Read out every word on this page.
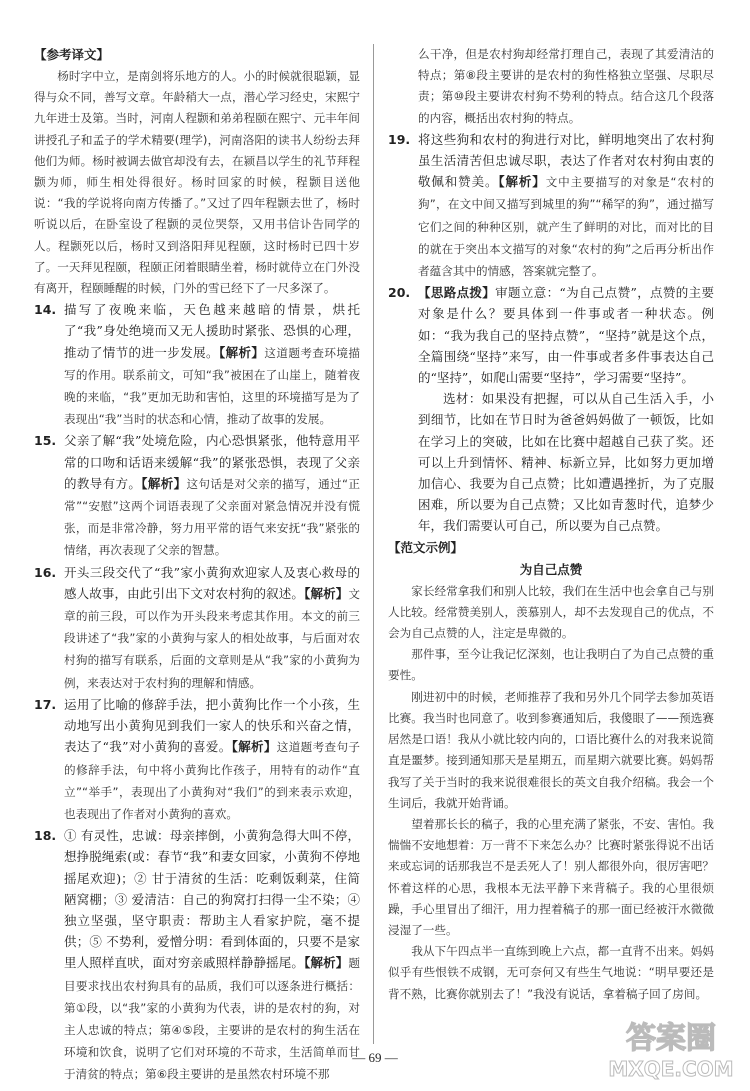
【参考译文】

杨时字中立，是南剑将乐地方的人。小的时候就很聪颖，显得与众不同，善写文章。年龄稍大一点，潜心学习经史，宋熙宁九年进士及第。当时，河南人程颢和弟弟程颐在熙宁、元丰年间讲授孔子和孟子的学术精要(理学)，河南洛阳的读书人纷纷去拜他们为师。杨时被调去做官却没有去，在颍昌以学生的礼节拜程颢为师，师生相处得很好。杨时回家的时候，程颢目送他说：“我的学说将向南方传播了。”又过了四年程颢去世了，杨时听说以后，在卧室设了程颢的灵位哭祭，又用书信讣告同学的人。程颢死以后，杨时又到洛阳拜见程颐，这时杨时已四十岁了。一天拜见程颐，程颐正闭着眼睛坐着，杨时就侍立在门外没有离开，程颐睡醒的时候，门外的雪已经下了一尺多深了。

14. 描写了夜晚来临，天色越来越暗的情景，烘托了“我”身处绝境而又无人援助时紧张、恐惧的心理，推动了情节的进一步发展。【解析】这道题考查环境描写的作用。联系前文，可知“我”被困在了山崖上，随着夜晚的来临，“我”更加无助和害怕，这里的环境描写是为了表现出“我”当时的状态和心情，推动了故事的发展。

15. 父亲了解“我”处境危险，内心恐惧紧张，他特意用平常的口吻和话语来缓解“我”的紧张恐惧，表现了父亲的教导有方。【解析】这句话是对父亲的描写，通过“正常”“安慰”这两个词语表现了父亲面对紧急情况并没有慌张，而是非常冷静，努力用平常的语气来安抚“我”紧张的情绪，再次表现了父亲的智慧。

16. 开头三段交代了“我”家小黄狗欢迎家人及衷心救母的感人故事，由此引出下文对农村狗的叙述。【解析】文章的前三段，可以作为开头段来考虑其作用。本文的前三段讲述了“我”家的小黄狗与家人的相处故事，与后面对农村狗的描写有联系，后面的文章则是从“我”家的小黄狗为例，来表达对于农村狗的理解和情感。

17. 运用了比喻的修辞手法，把小黄狗比作一个小孩，生动地写出小黄狗见到我们一家人的快乐和兴奋之情，表达了“我”对小黄狗的喜爱。【解析】这道题考查句子的修辞手法，句中将小黄狗比作孩子，用特有的动作“直立”“举手”，表现出了小黄狗对“我们”的到来表示欢迎，也表现出了作者对小黄狗的喜欢。

18. ① 有灵性，忠诚：母亲摔倒，小黄狗急得大叫不停，想挣脱绳索(或：春节“我”和妻女回家，小黄狗不停地摇尾欢迎)；② 甘于清贫的生活：吃剩饭剩菜，住简陋窝棚；③ 爱清洁：自己的狗窝打扫得一尘不染；④ 独立坚强，坚守职责：帮助主人看家护院，毫不提供；⑤ 不势利，爱憎分明：看到体面的，只要不是家里人照样直吠，面对穷亲戚照样静静摇尾。【解析】题目要求找出农村狗具有的品质，我们可以逐条进行概括：第①段，以“我”家的小黄狗为代表，讲的是农村的狗，对主人忠诚的特点；第④⑤段，主要讲的是农村的狗生活在环境和饮食，说明了它们对环境的不苛求，生活简单而甘于清贫的特点；第⑥段主要讲的是虽然农村环境不那

么干净，但是农村狗却经常打理自己，表现了其爱清洁的特点；第⑧段主要讲的是农村的狗性格独立坚强、尽职尽责；第⑩段主要讲农村狗不势利的特点。结合这几个段落的内容，概括出农村狗的特点。

19. 将这些狗和农村的狗进行对比，鲜明地突出了农村狗虽生活清苦但忠诚尽职，表达了作者对农村狗由衷的敬佩和赞美。【解析】文中主要描写的对象是“农村的狗”，在文中间又描写到城里的狗”“稀罕的狗”，通过描写它们之间的种种区别，就产生了鲜明的对比，而对比的目的就在于突出本文描写的对象“农村的狗”之后再分析出作者蕴含其中的情感，答案就完整了。

20. 【思路点拨】审题立意：“为自己点赞”，点赞的主要对象是什么？要具体到一件事或者一种状态。例如：“我为我自己的坚持点赞”，“坚持”就是这个点，全篇围绕“坚持”来写，由一件事或者多件事表达自己的“坚持”，如爬山需要“坚持”，学习需要“坚持”。

选材：如果没有把握，可以从自己生活入手，小到细节，比如在节日时为爸爸妈妈做了一顿饭，比如在学习上的突破，比如在比赛中超越自己获了奖。还可以上升到情怀、精神、标新立异，比如努力更加增加信心、我要为自己点赞；比如遭遇挫折，为了克服困难，所以要为自己点赞；又比如青葱时代，追梦少年，我们需要认可自己，所以要为自己点赞。

【范文示例】
为自己点赞

家长经常拿我们和别人比较，我们在生活中也会拿自己与别人比较。经常赞美别人，羡慕别人，却不去发现自己的优点，不会为自己点赞的人，注定是卑微的。

那件事，至今让我记忆深刻，也让我明白了为自己点赞的重要性。

刚进初中的时候，老师推荐了我和另外几个同学去参加英语比赛。我当时也同意了。收到参赛通知后，我傻眼了——预选赛居然是口语！我从小就比较内向的，口语比赛什么的对我来说简直是噩梦。接到通知那天是星期五，而星期六就要比赛。妈妈帮我写了关于当时的我来说很难很长的英文自我介绍稿。我会一个生词后，我就开始背诵。

望着那长长的稿子，我的心里充满了紧张，不安、害怕。我惴惴不安地想着：万一背不下来怎么办？比赛时紧张得说不出话来或忘词的话那我岂不是丢死人了！别人都很外向，很厉害吧？怀着这样的心思，我根本无法平静下来背稿子。我的心里很烦躁，手心里冒出了细汗，用力捏着稿子的那一面已经被汗水微微浸湿了一些。

我从下午四点半一直练到晚上六点，都一直背不出来。妈妈似乎有些恨铁不成钢，无可奈何又有些生气地说：“明早要还是背不熟，比赛你就别去了！”我没有说话，拿着稿子回了房间。

— 69 —
答案圈
MXQE.COM
